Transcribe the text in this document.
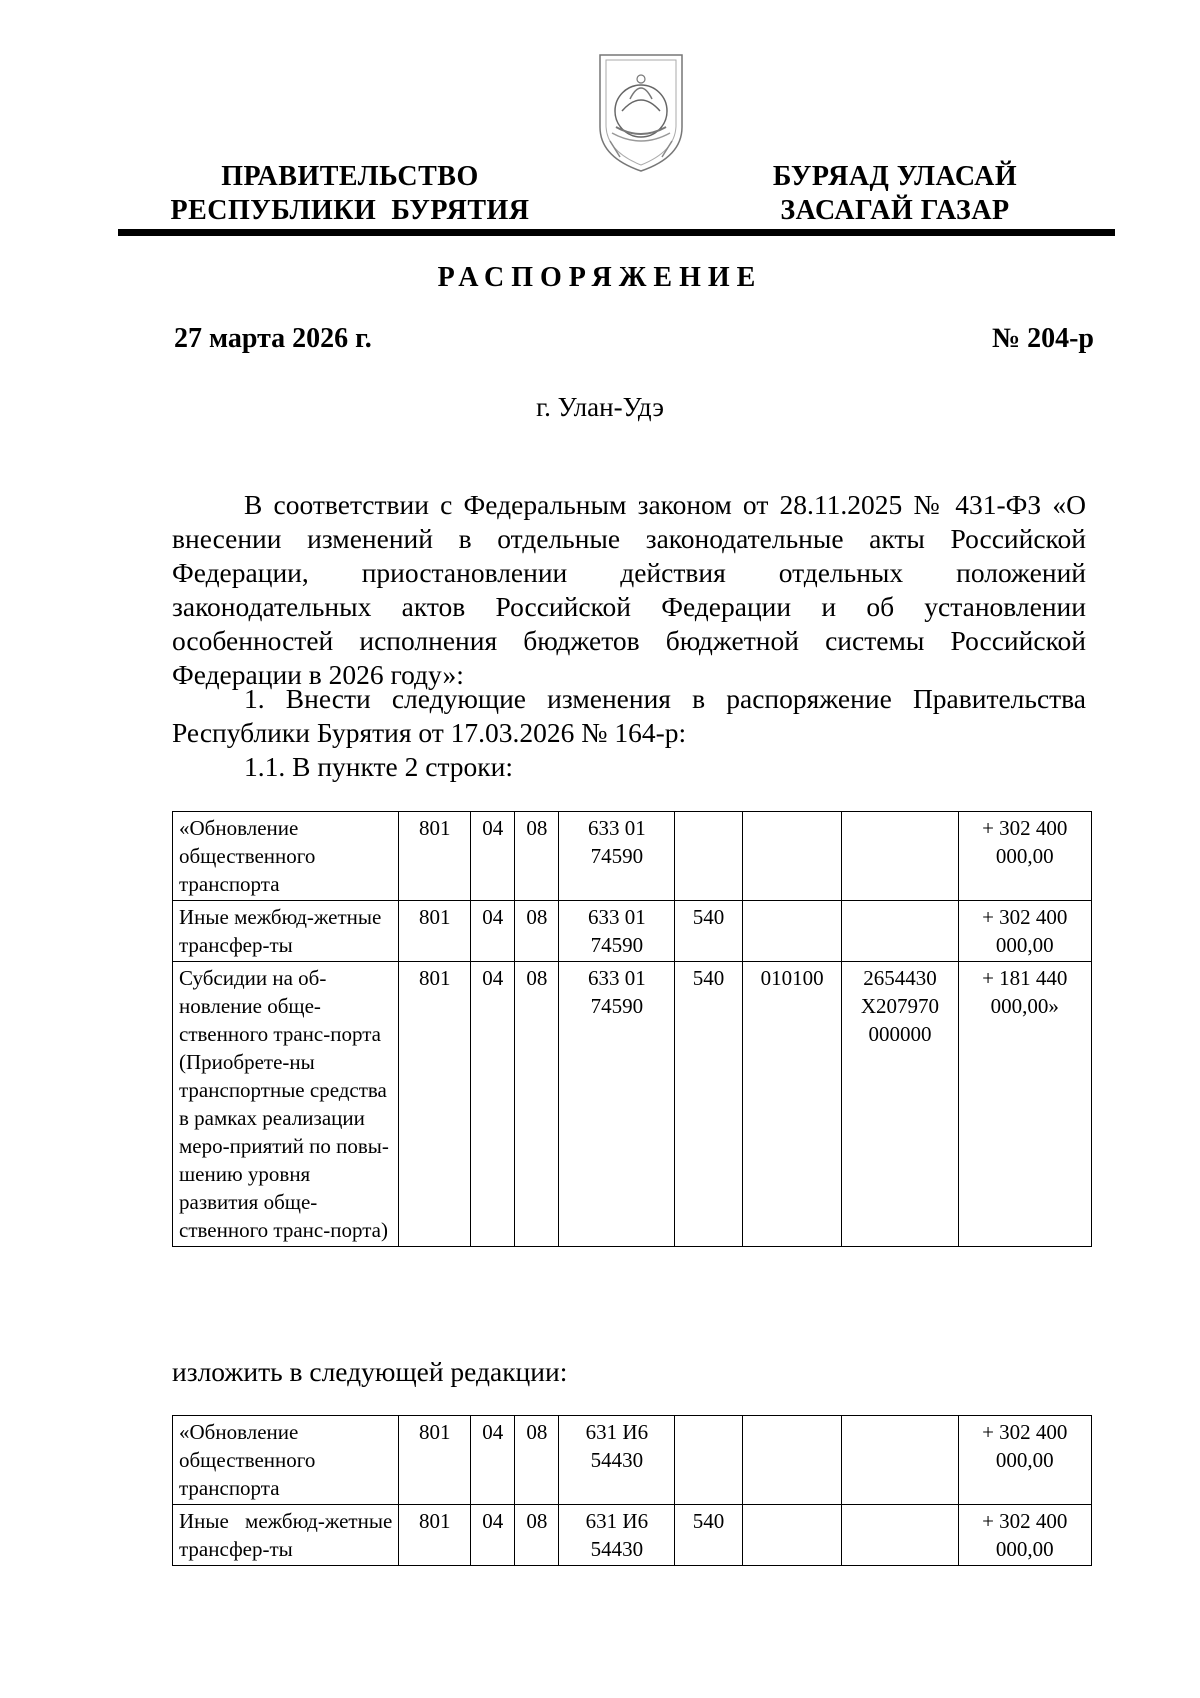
ПРАВИТЕЛЬСТВО
РЕСПУБЛИКИ  БУРЯТИЯ
БУРЯАД УЛАСАЙ
ЗАСАГАЙ ГАЗАР
РАСПОРЯЖЕНИЕ
27 марта 2026 г.	№ 204-р
г. Улан-Удэ
В соответствии с Федеральным законом от 28.11.2025 № 431-ФЗ «О внесении изменений в отдельные законодательные акты Российской Федерации, приостановлении действия отдельных положений законодательных актов Российской Федерации и об установлении особенностей исполнения бюджетов бюджетной системы Российской Федерации в 2026 году»:
1. Внести следующие изменения в распоряжение Правительства Республики Бурятия от 17.03.2026 № 164-р:
1.1. В пункте 2 строки:
«Обновление общественного транспорта	801	04	08	633 01 74590				+ 302 400 000,00
Иные межбюд-жетные трансфер-ты	801	04	08	633 01 74590	540			+ 302 400 000,00
Субсидии на об-новление обще-ственного транс-порта (Приобрете-ны транспортные средства в рамках реализации меро-приятий по повы-шению уровня развития обще-ственного транс-порта)	801	04	08	633 01 74590	540	010100	2654430 Х207970 000000	+ 181 440 000,00»
изложить в следующей редакции:
«Обновление общественного транспорта	801	04	08	631 И6 54430				+ 302 400 000,00
Иные межбюд-жетные трансфер-ты	801	04	08	631 И6 54430	540			+ 302 400 000,00
